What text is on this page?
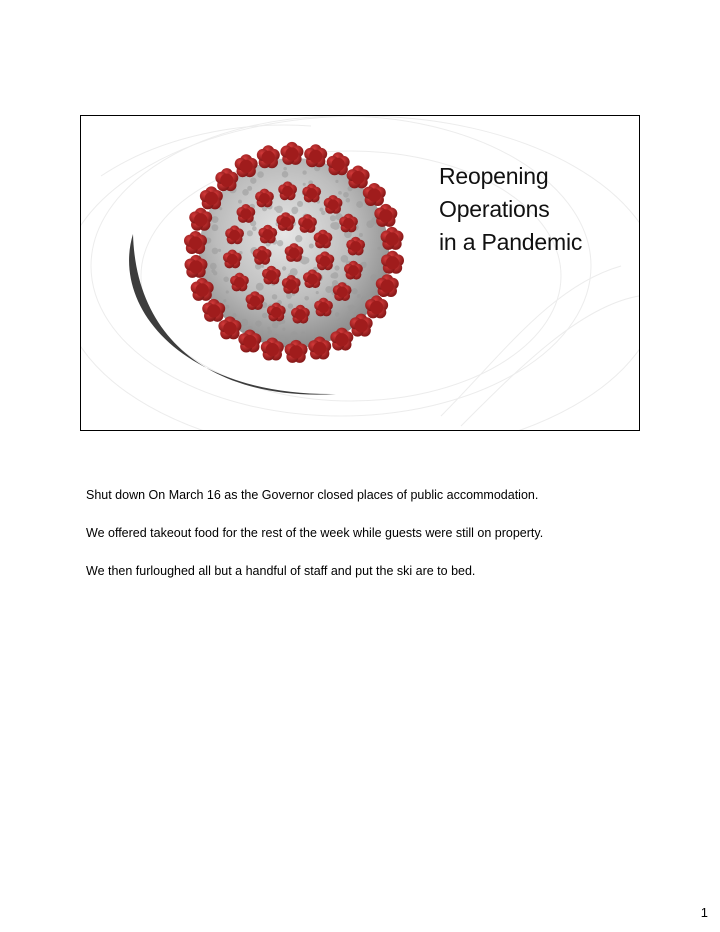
Reopening
Operations
in a Pandemic

Shut down On March 16 as the Governor closed places of public accommodation.

We offered takeout food for the rest of the week while guests were still on property.

We then furloughed all but a handful of staff and put the ski are to bed.

1
